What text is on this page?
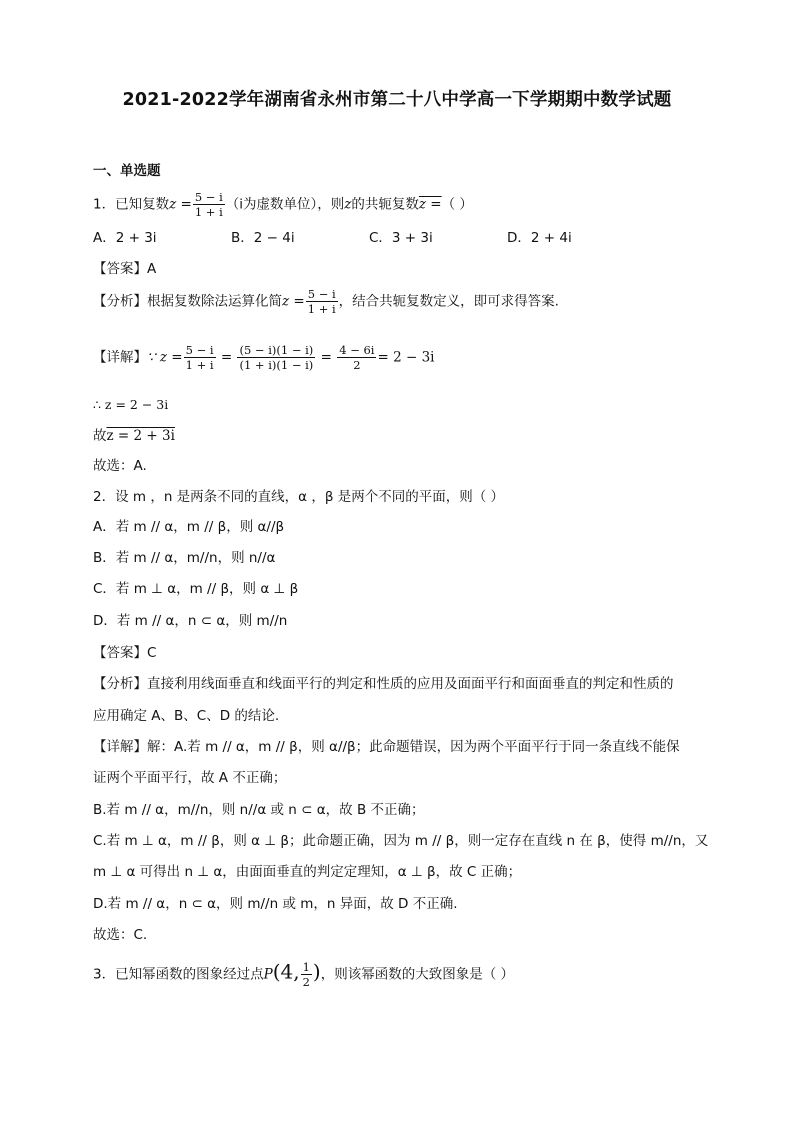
2021-2022学年湖南省永州市第二十八中学高一下学期期中数学试题
一、单选题
1．已知复数$z = \frac{5 - i}{1 + i} (i$为虚数单位），则z的共轭复数z =（ ）
A．2 + 3i	B．2 − 4i	C．3 + 3i	D．2 + 4i
【答案】A
【分析】根据复数除法运算化简$z = \frac{5 - i}{1 + i}$ ，结合共轭复数定义，即可求得答案.
【详解】∵ $z = \frac{5 - i}{1 + i} = \frac{(5 - i)(1 - i)}{(1 + i)(1 - i)} = \frac{4 - 6i}{2} = 2 - 3i$
∴ z = 2 − 3i
故z = 2 + 3i
故选：A.
2．设 m ，n 是两条不同的直线，α ，β 是两个不同的平面，则（ ）
A．若 m // α，m // β，则 α//β
B．若 m // α，m//n，则 n//α
C．若 m ⊥ α，m // β，则 α ⊥ β
D．若 m // α，n ⊂ α，则 m//n
【答案】C
【分析】直接利用线面垂直和线面平行的判定和性质的应用及面面平行和面面垂直的判定和性质的
应用确定 A、B、C、D 的结论.
【详解】解：A.若 m // α，m // β，则 α//β；此命题错误，因为两个平面平行于同一条直线不能保
证两个平面平行，故 A 不正确；
B.若 m // α，m//n，则 n//α 或 n ⊂ α，故 B 不正确；
C.若 m ⊥ α，m // β，则 α ⊥ β；此命题正确，因为 m // β，则一定存在直线 n 在 β，使得 m//n，又
m ⊥ α 可得出 n ⊥ α，由面面垂直的判定定理知，α ⊥ β，故 C 正确；
D.若 m // α，n ⊂ α，则 m//n 或 m，n 异面，故 D 不正确.
故选：C.
3．已知幂函数的图象经过点P(4, $\frac{1}{2}$ )，则该幂函数的大致图象是（ ）
